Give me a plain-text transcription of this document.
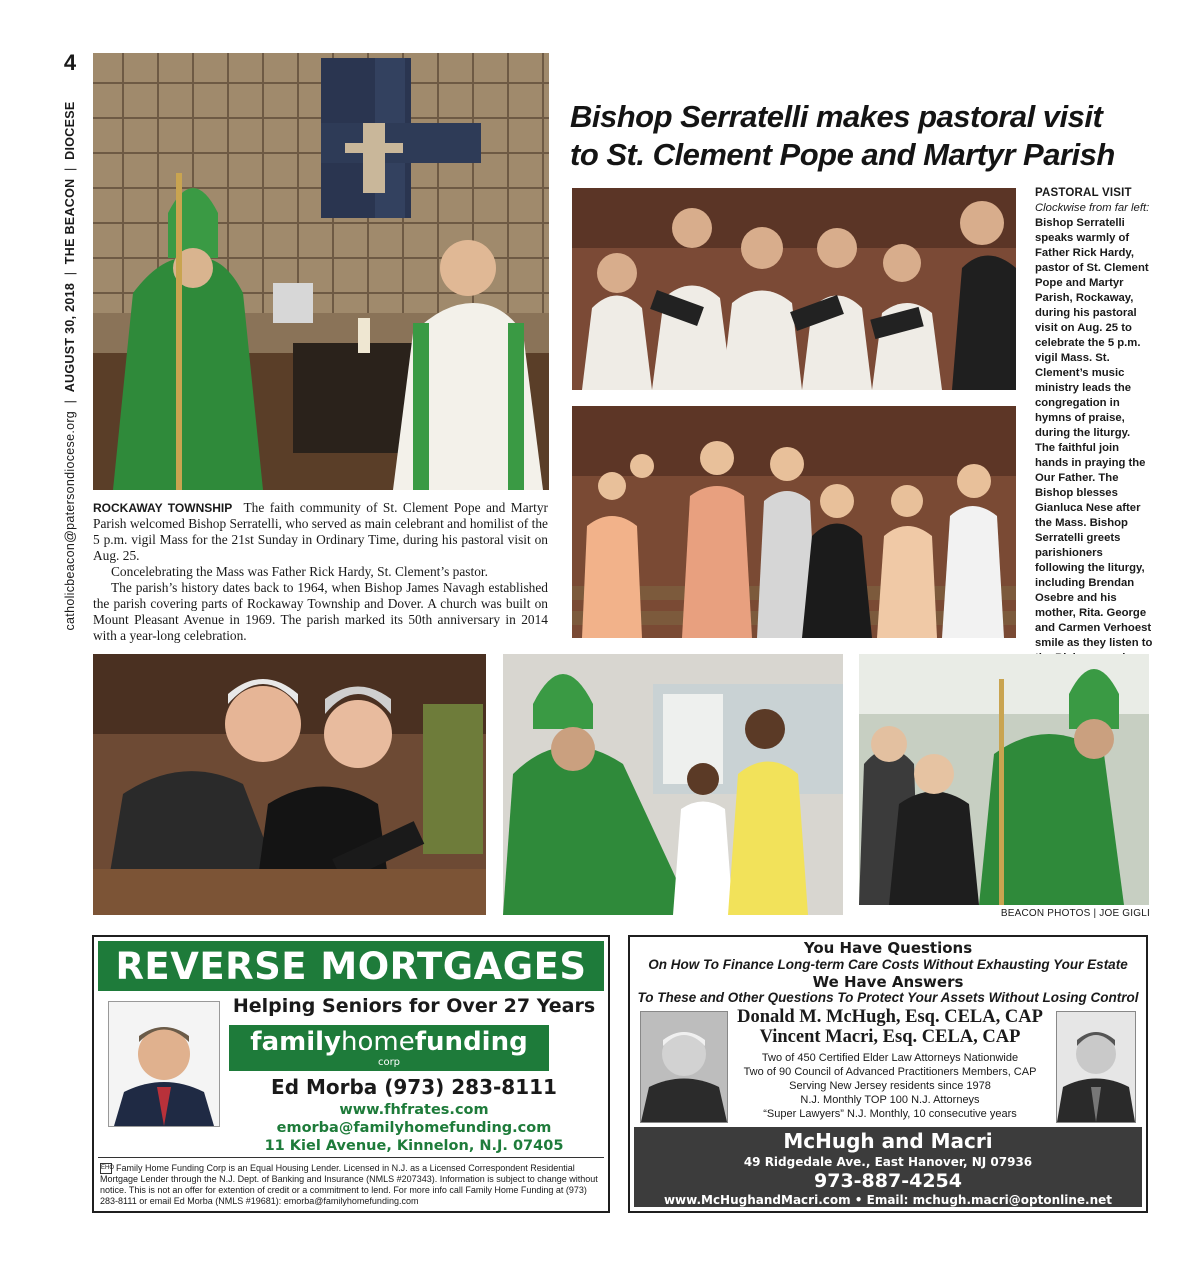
4
catholicbeacon@patersondiocese.org  |  AUGUST 30, 2018  |  THE BEACON  |  DIOCESE	Bishop Serratelli makes pastoral visit
to St. Clement Pope and Martyr Parish

ROCKAWAY TOWNSHIP The faith community of St. Clement Pope and Martyr Parish welcomed Bishop Serratelli, who served as main celebrant and homilist of the 5 p.m. vigil Mass for the 21st Sunday in Ordinary Time, during his pastoral visit on Aug. 25.

Concelebrating the Mass was Father Rick Hardy, St. Clement’s pastor.

The parish’s history dates back to 1964, when Bishop James Navagh established the parish covering parts of Rockaway Township and Dover. A church was built on Mount Pleasant Avenue in 1969. The parish marked its 50th anniversary in 2014 with a year-long celebration.

PASTORAL VISIT
Clockwise from far left:
Bishop Serratelli speaks warmly of Father Rick Hardy, pastor of St. Clement Pope and Martyr Parish, Rockaway, during his pastoral visit on Aug. 25 to celebrate the 5 p.m. vigil Mass. St. Clement’s music ministry leads the congregation in hymns of praise, during the liturgy. The faithful join hands in praying the Our Father. The Bishop blesses Gianluca Nese after the Mass. Bishop Serratelli greets parishioners following the liturgy, including Brendan Osebre and his mother, Rita. George and Carmen Verhoest smile as they listen to
BEACON PHOTOS | JOE GIGLI
REVERSE MORTGAGES
Helping Seniors for Over 27 Years
familyhomefunding
corp
Ed Morba (973) 283-8111
www.fhfrates.com
emorba@familyhomefunding.com
11 Kiel Avenue, Kinnelon, N.J. 07405
EHO Family Home Funding Corp is an Equal Housing Lender. Licensed in N.J. as a Licensed Correspondent Residential Mortgage Lender through the N.J. Dept. of Banking and Insurance (NMLS #207343). Information is subject to change without notice. This is not an offer for extention of credit or a commitment to lend. For more info call Family Home Funding at (973) 283-8111 or email Ed Morba (NMLS #19681): emorba@familyhomefunding.com
You Have Questions
On How To Finance Long-term Care Costs Without Exhausting Your Estate
We Have Answers
To These and Other Questions To Protect Your Assets Without Losing Control
Donald M. McHugh, Esq. CELA, CAP
Vincent Macri, Esq. CELA, CAP
Two of 450 Certified Elder Law Attorneys Nationwide
Two of 90 Council of Advanced Practitioners Members, CAP
Serving New Jersey residents since 1978
N.J. Monthly TOP 100 N.J. Attorneys
“Super Lawyers” N.J. Monthly, 10 consecutive years
McHugh and Macri
49 Ridgedale Ave., East Hanover, NJ 07936
973-887-4254
www.McHughandMacri.com • Email: mchugh.macri@optonline.net
